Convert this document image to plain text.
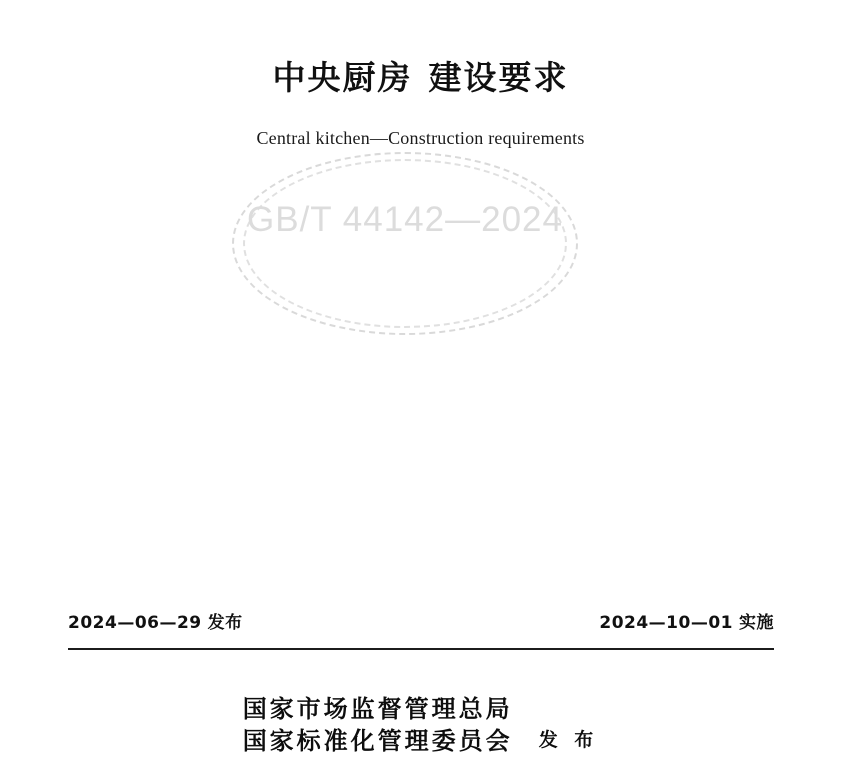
GB/T 44142—2024
中央厨房 建设要求
Central kitchen—Construction requirements
2024—06—29 发布	2024—10—01 实施
国家市场监督管理总局
国家标准化管理委员会 发 布
